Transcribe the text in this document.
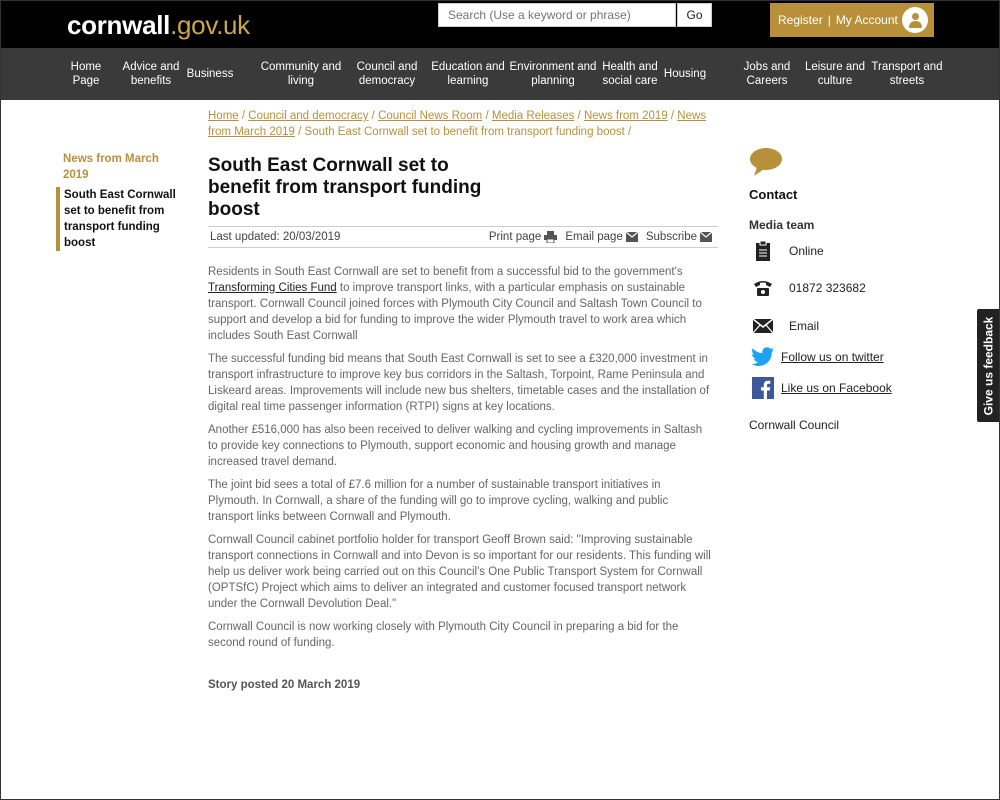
cornwall.gov.uk
Search (Use a keyword or phrase)	Go	Register | My Account
Home
Page
Advice and
benefits
Business
Community and
living
Council and
democracy
Education and
learning
Environment and
planning
Health and
social care
Housing
Jobs and
Careers
Leisure and
culture
Transport and
streets
Home / Council and democracy / Council News Room / Media Releases / News from 2019 / News from March 2019 / South East Cornwall set to benefit from transport funding boost /
News from March 2019
South East Cornwall set to benefit from transport funding boost
South East Cornwall set to benefit from transport funding boost
Last updated: 20/03/2019	Print page Email page Subscribe

Residents in South East Cornwall are set to benefit from a successful bid to the government's Transforming Cities Fund to improve transport links, with a particular emphasis on sustainable transport. Cornwall Council joined forces with Plymouth City Council and Saltash Town Council to support and develop a bid for funding to improve the wider Plymouth travel to work area which includes South East Cornwall

The successful funding bid means that South East Cornwall is set to see a £320,000 investment in transport infrastructure to improve key bus corridors in the Saltash, Torpoint, Rame Peninsula and Liskeard areas. Improvements will include new bus shelters, timetable cases and the installation of digital real time passenger information (RTPI) signs at key locations.

Another £516,000 has also been received to deliver walking and cycling improvements in Saltash to provide key connections to Plymouth, support economic and housing growth and manage increased travel demand.

The joint bid sees a total of £7.6 million for a number of sustainable transport initiatives in Plymouth. In Cornwall, a share of the funding will go to improve cycling, walking and public transport links between Cornwall and Plymouth.

Cornwall Council cabinet portfolio holder for transport Geoff Brown said: "Improving sustainable transport connections in Cornwall and into Devon is so important for our residents. This funding will help us deliver work being carried out on this Council's One Public Transport System for Cornwall (OPTSfC) Project which aims to deliver an integrated and customer focused transport network under the Cornwall Devolution Deal."

Cornwall Council is now working closely with Plymouth City Council in preparing a bid for the second round of funding.

Story posted 20 March 2019
Contact
Media team
Online
01872 323682
Email
Follow us on twitter
Like us on Facebook
Cornwall Council
Give us feedback
